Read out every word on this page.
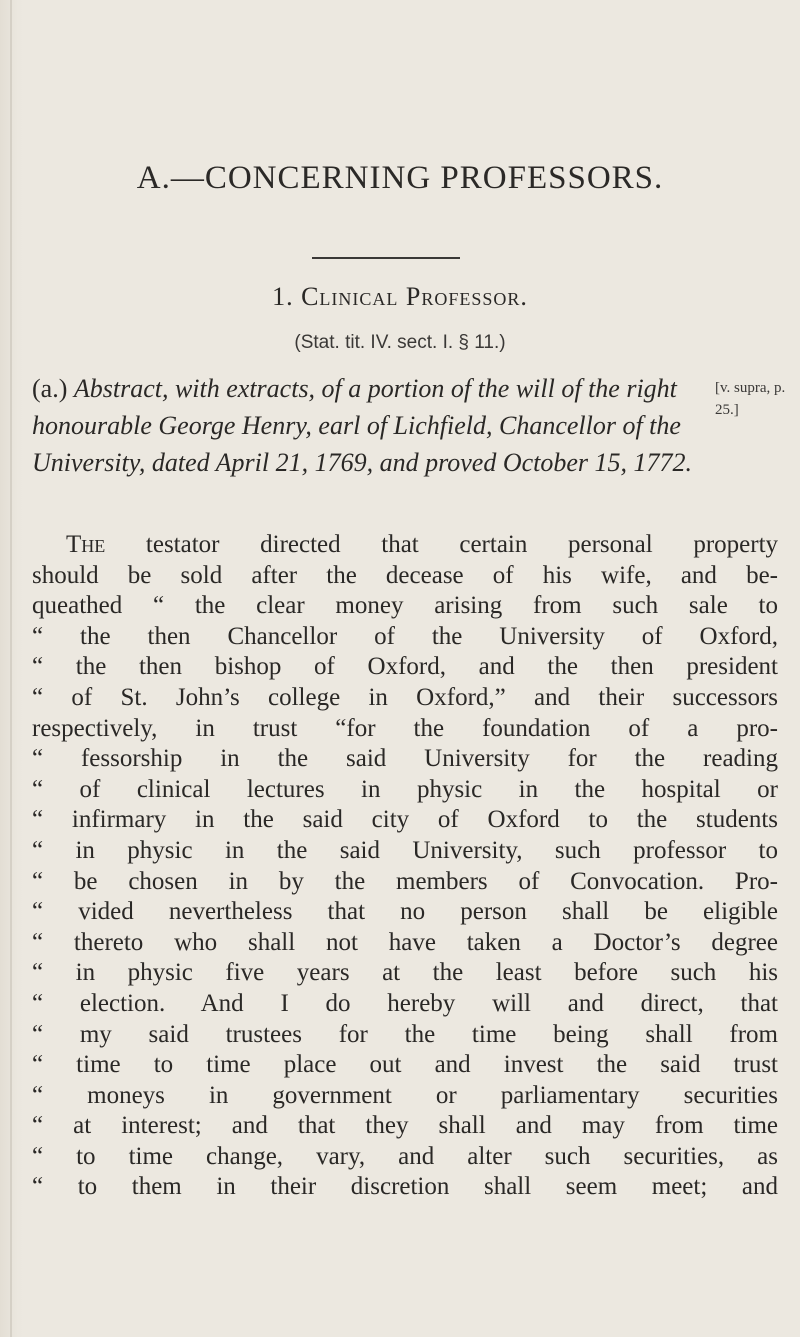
A.—CONCERNING PROFESSORS.
1. Clinical Professor.
(Stat. tit. IV. sect. I. § 11.)

(a.) Abstract, with extracts, of a portion of the will of the right honourable George Henry, earl of Lichfield, Chancellor of the University, dated April 21, 1769, and proved October 15, 1772.

[v. supra, p. 25.]
The testator directed that certain personal property
should be sold after the decease of his wife, and be-
queathed “ the clear money arising from such sale to
“ the then Chancellor of the University of Oxford,
“ the then bishop of Oxford, and the then president
“ of St. John’s college in Oxford,” and their successors
respectively, in trust “for the foundation of a pro-
“ fessorship in the said University for the reading
“ of clinical lectures in physic in the hospital or
“ infirmary in the said city of Oxford to the students
“ in physic in the said University, such professor to
“ be chosen in by the members of Convocation. Pro-
“ vided nevertheless that no person shall be eligible
“ thereto who shall not have taken a Doctor’s degree
“ in physic five years at the least before such his
“ election. And I do hereby will and direct, that
“ my said trustees for the time being shall from
“ time to time place out and invest the said trust
“ moneys in government or parliamentary securities
“ at interest; and that they shall and may from time
“ to time change, vary, and alter such securities, as
“ to them in their discretion shall seem meet; and
